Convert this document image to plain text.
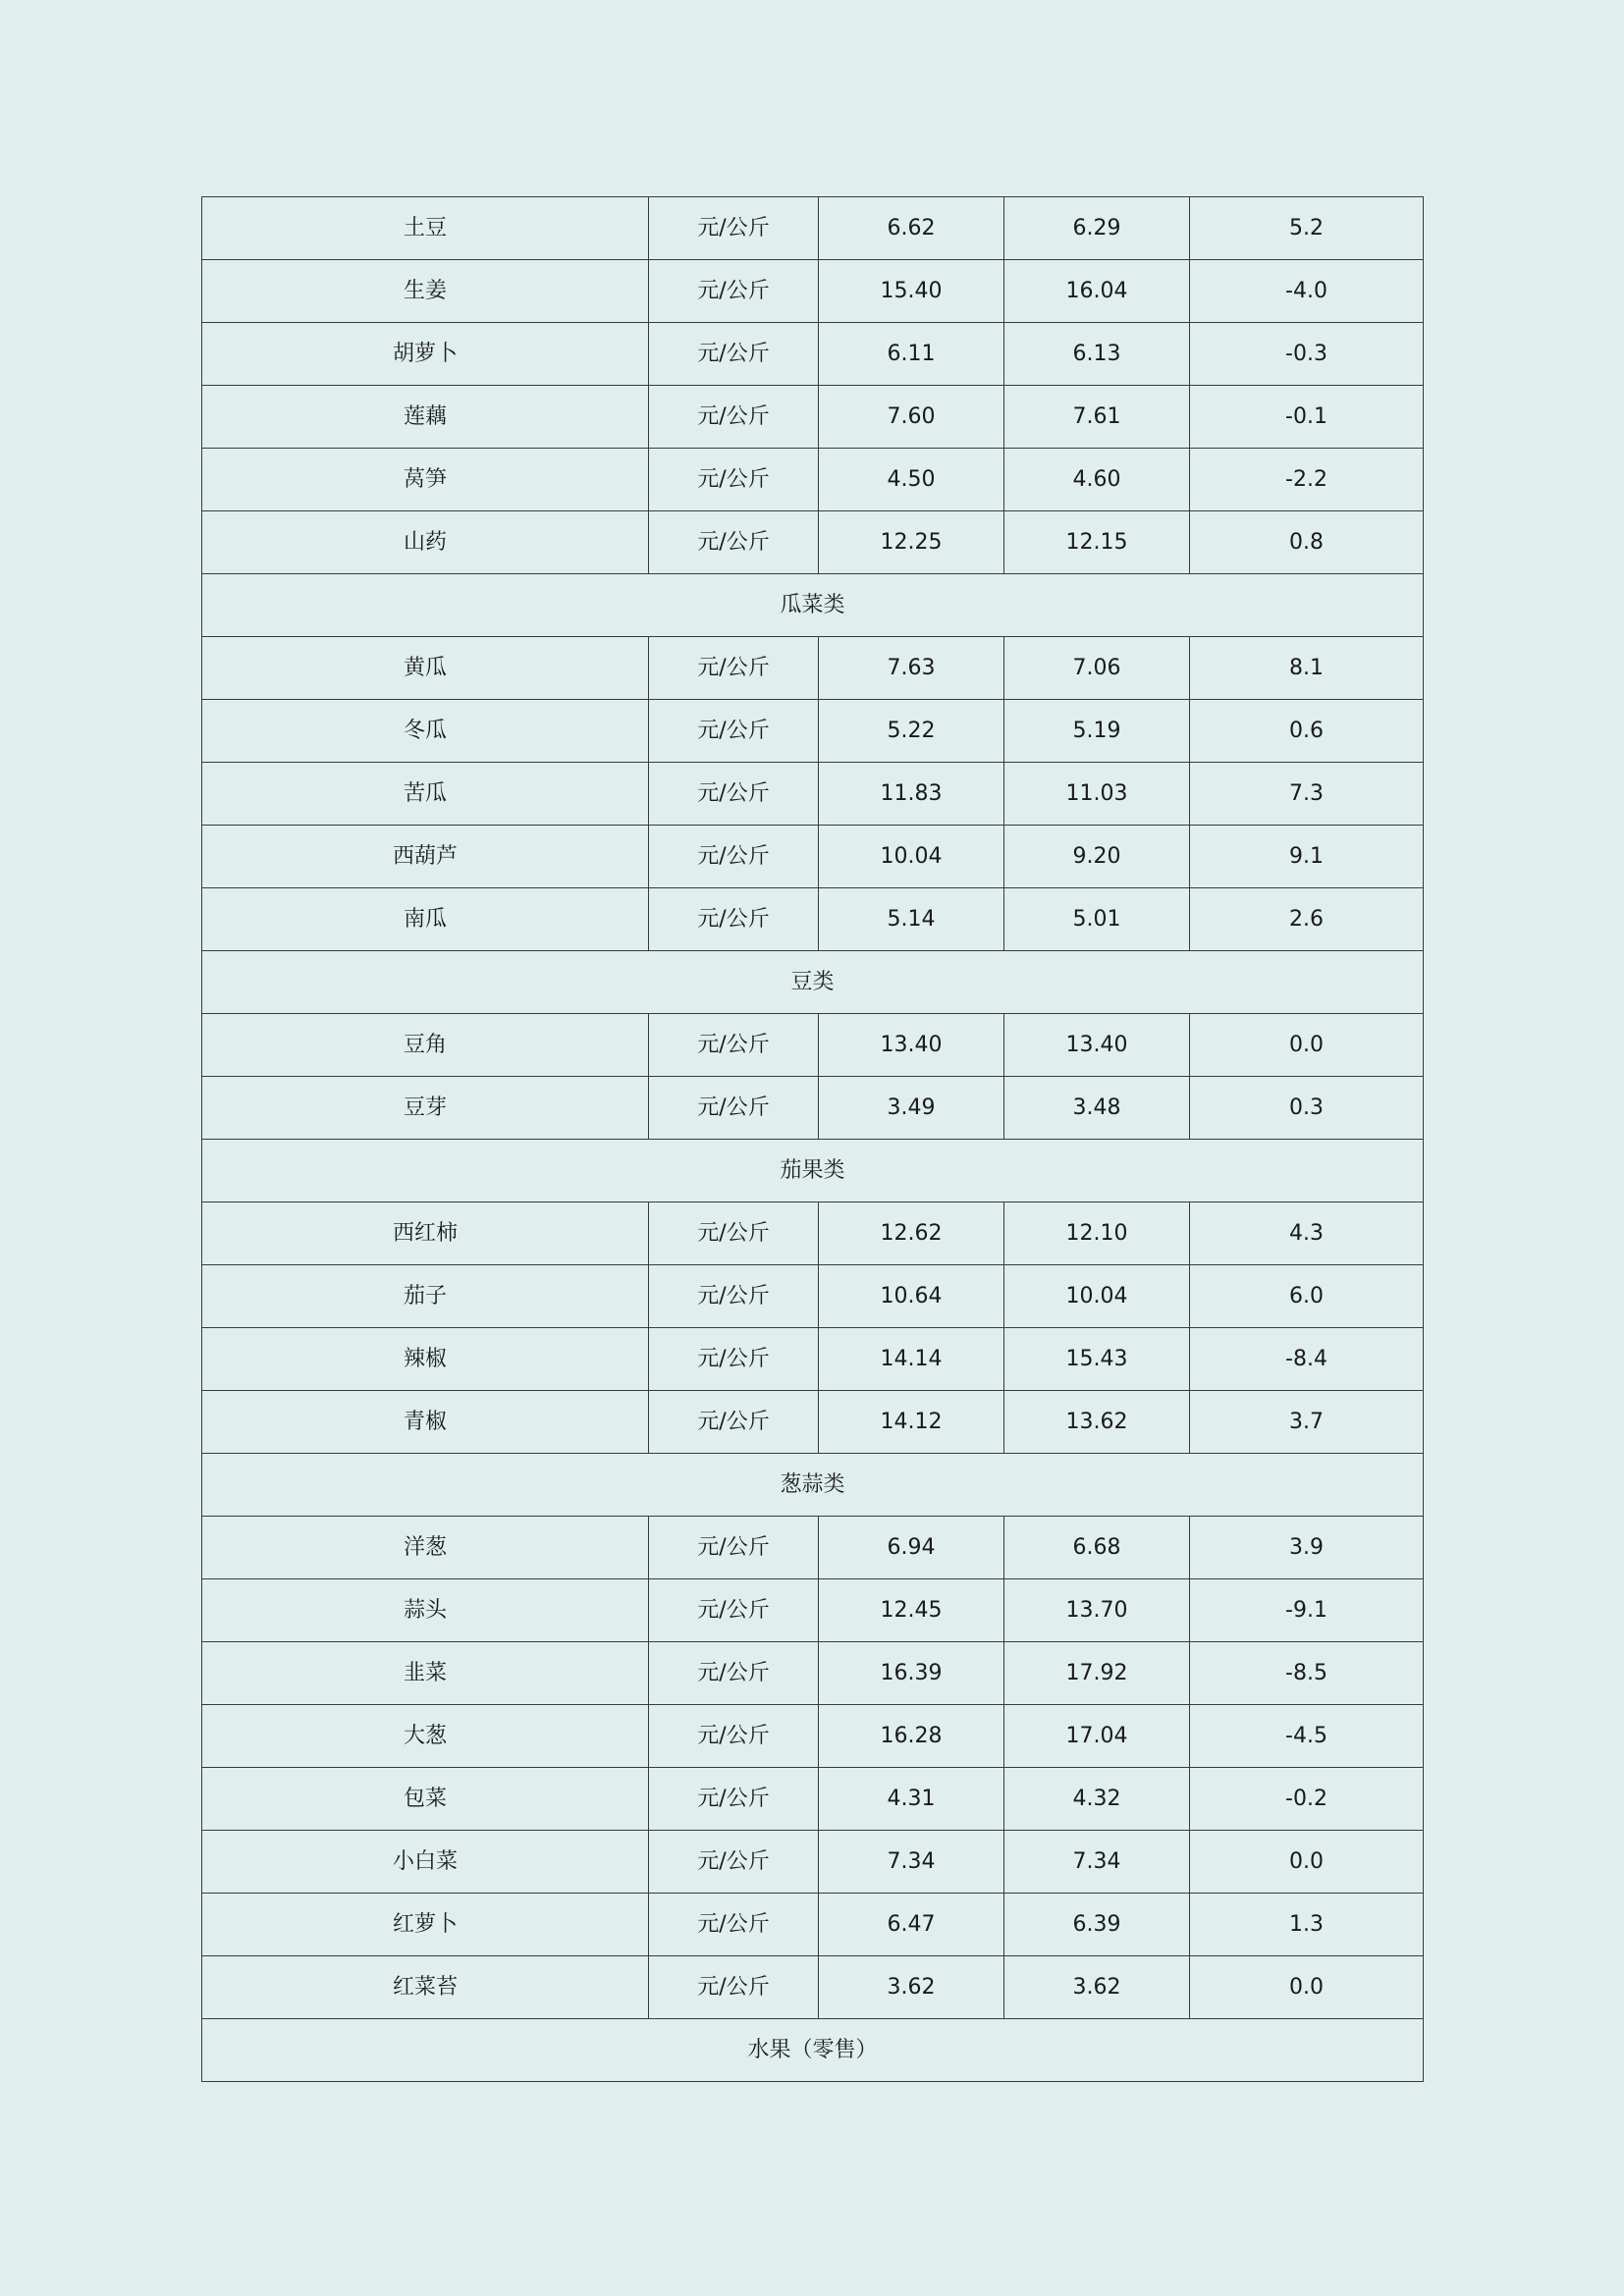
土豆	元/公斤	6.62	6.29	5.2
生姜	元/公斤	15.40	16.04	-4.0
胡萝卜	元/公斤	6.11	6.13	-0.3
莲藕	元/公斤	7.60	7.61	-0.1
莴笋	元/公斤	4.50	4.60	-2.2
山药	元/公斤	12.25	12.15	0.8
瓜菜类				
黄瓜	元/公斤	7.63	7.06	8.1
冬瓜	元/公斤	5.22	5.19	0.6
苦瓜	元/公斤	11.83	11.03	7.3
西葫芦	元/公斤	10.04	9.20	9.1
南瓜	元/公斤	5.14	5.01	2.6
豆类				
豆角	元/公斤	13.40	13.40	0.0
豆芽	元/公斤	3.49	3.48	0.3
茄果类				
西红柿	元/公斤	12.62	12.10	4.3
茄子	元/公斤	10.64	10.04	6.0
辣椒	元/公斤	14.14	15.43	-8.4
青椒	元/公斤	14.12	13.62	3.7
葱蒜类				
洋葱	元/公斤	6.94	6.68	3.9
蒜头	元/公斤	12.45	13.70	-9.1
韭菜	元/公斤	16.39	17.92	-8.5
大葱	元/公斤	16.28	17.04	-4.5
包菜	元/公斤	4.31	4.32	-0.2
小白菜	元/公斤	7.34	7.34	0.0
红萝卜	元/公斤	6.47	6.39	1.3
红菜苔	元/公斤	3.62	3.62	0.0
水果（零售）				
